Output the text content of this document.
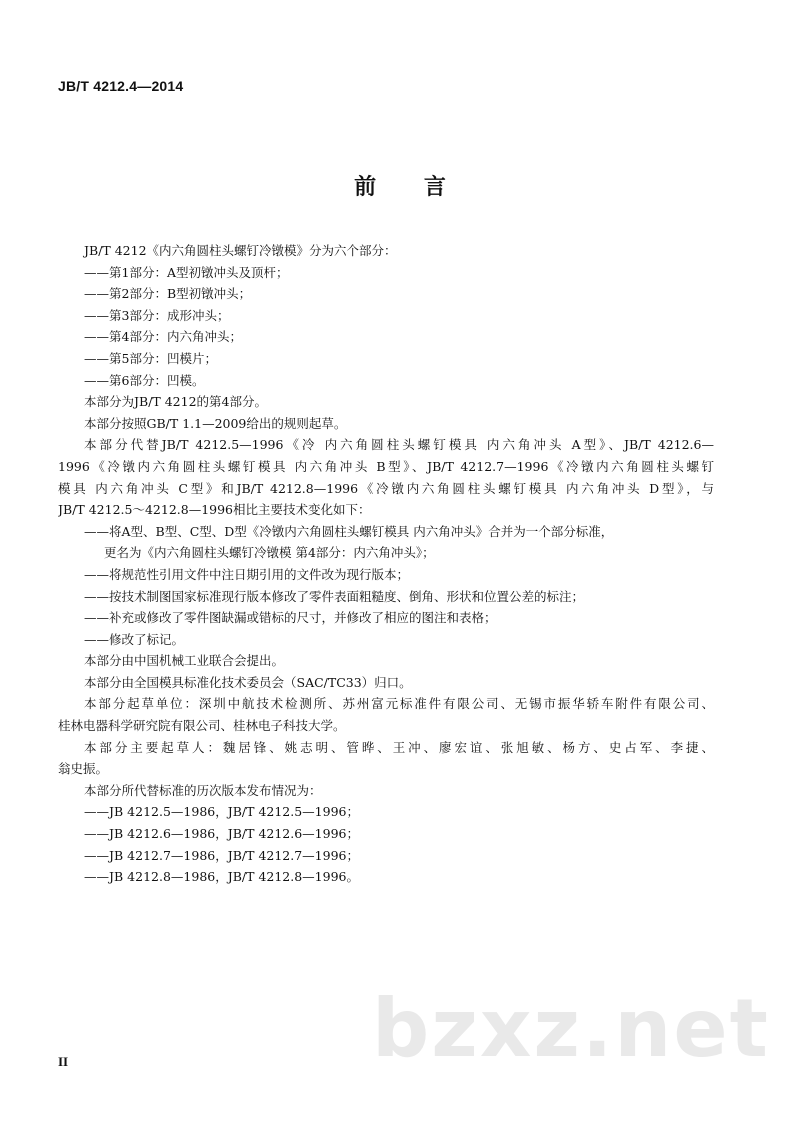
JB/T 4212.4—2014
前 言
JB/T 4212《内六角圆柱头螺钉冷镦模》分为六个部分：
——第1部分：A型初镦冲头及顶杆；
——第2部分：B型初镦冲头；
——第3部分：成形冲头；
——第4部分：内六角冲头；
——第5部分：凹模片；
——第6部分：凹模。
本部分为JB/T 4212的第4部分。
本部分按照GB/T 1.1—2009给出的规则起草。
本部分代替JB/T 4212.5—1996《冷 内六角圆柱头螺钉模具 内六角冲头 A型》、JB/T 4212.6—
1996《冷镦内六角圆柱头螺钉模具 内六角冲头 B型》、JB/T 4212.7—1996《冷镦内六角圆柱头螺钉
模具 内六角冲头 C型》和JB/T 4212.8—1996《冷镦内六角圆柱头螺钉模具 内六角冲头 D型》，与
JB/T 4212.5～4212.8—1996相比主要技术变化如下：
——将A型、B型、C型、D型《冷镦内六角圆柱头螺钉模具 内六角冲头》合并为一个部分标准，
更名为《内六角圆柱头螺钉冷镦模 第4部分：内六角冲头》；
——将规范性引用文件中注日期引用的文件改为现行版本；
——按技术制图国家标准现行版本修改了零件表面粗糙度、倒角、形状和位置公差的标注；
——补充或修改了零件图缺漏或错标的尺寸，并修改了相应的图注和表格；
——修改了标记。
本部分由中国机械工业联合会提出。
本部分由全国模具标准化技术委员会（SAC/TC33）归口。
本部分起草单位：深圳中航技术检测所、苏州富元标准件有限公司、无锡市振华轿车附件有限公司、
桂林电器科学研究院有限公司、桂林电子科技大学。
本部分主要起草人：魏居锋、姚志明、管晔、王冲、廖宏谊、张旭敏、杨方、史占军、李捷、
翁史振。
本部分所代替标准的历次版本发布情况为：
——JB 4212.5—1986，JB/T 4212.5—1996；
——JB 4212.6—1986，JB/T 4212.6—1996；
——JB 4212.7—1986，JB/T 4212.7—1996；
——JB 4212.8—1986，JB/T 4212.8—1996。
bzxz.net
II
